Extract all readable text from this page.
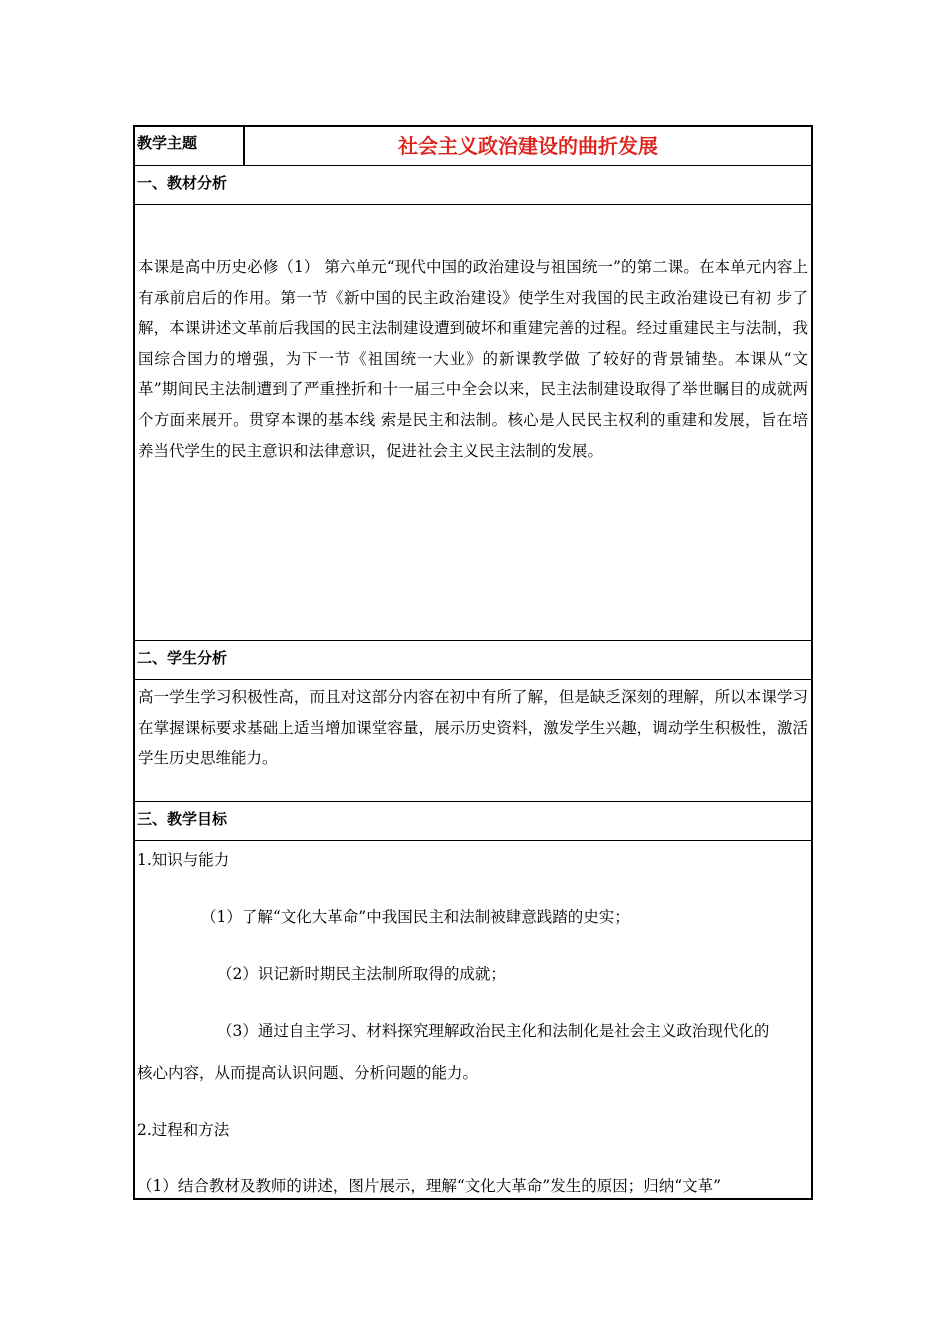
教学主题	社会主义政治建设的曲折发展
一、教材分析

本课是高中历史必修（1） 第六单元“现代中国的政治建设与祖国统一”的第二课。在本单元内容上有承前启后的作用。第一节《新中国的民主政治建设》使学生对我国的民主政治建设已有初 步了解，本课讲述文革前后我国的民主法制建设遭到破坏和重建完善的过程。经过重建民主与法制，我国综合国力的增强，为下一节《祖国统一大业》的新课教学做 了较好的背景铺垫。本课从“文革”期间民主法制遭到了严重挫折和十一届三中全会以来，民主法制建设取得了举世瞩目的成就两个方面来展开。贯穿本课的基本线 索是民主和法制。核心是人民民主权利的重建和发展，旨在培养当代学生的民主意识和法律意识，促进社会主义民主法制的发展。

二、学生分析

高一学生学习积极性高，而且对这部分内容在初中有所了解，但是缺乏深刻的理解，所以本课学习在掌握课标要求基础上适当增加课堂容量，展示历史资料，激发学生兴趣，调动学生积极性，激活学生历史思维能力。

三、教学目标
1.知识与能力
（1）了解“文化大革命”中我国民主和法制被肆意践踏的史实；
（2）识记新时期民主法制所取得的成就；
（3）通过自主学习、材料探究理解政治民主化和法制化是社会主义政治现代化的
核心内容，从而提高认识问题、分析问题的能力。
2.过程和方法
（1）结合教材及教师的讲述，图片展示，理解“文化大革命”发生的原因；归纳“文革”
